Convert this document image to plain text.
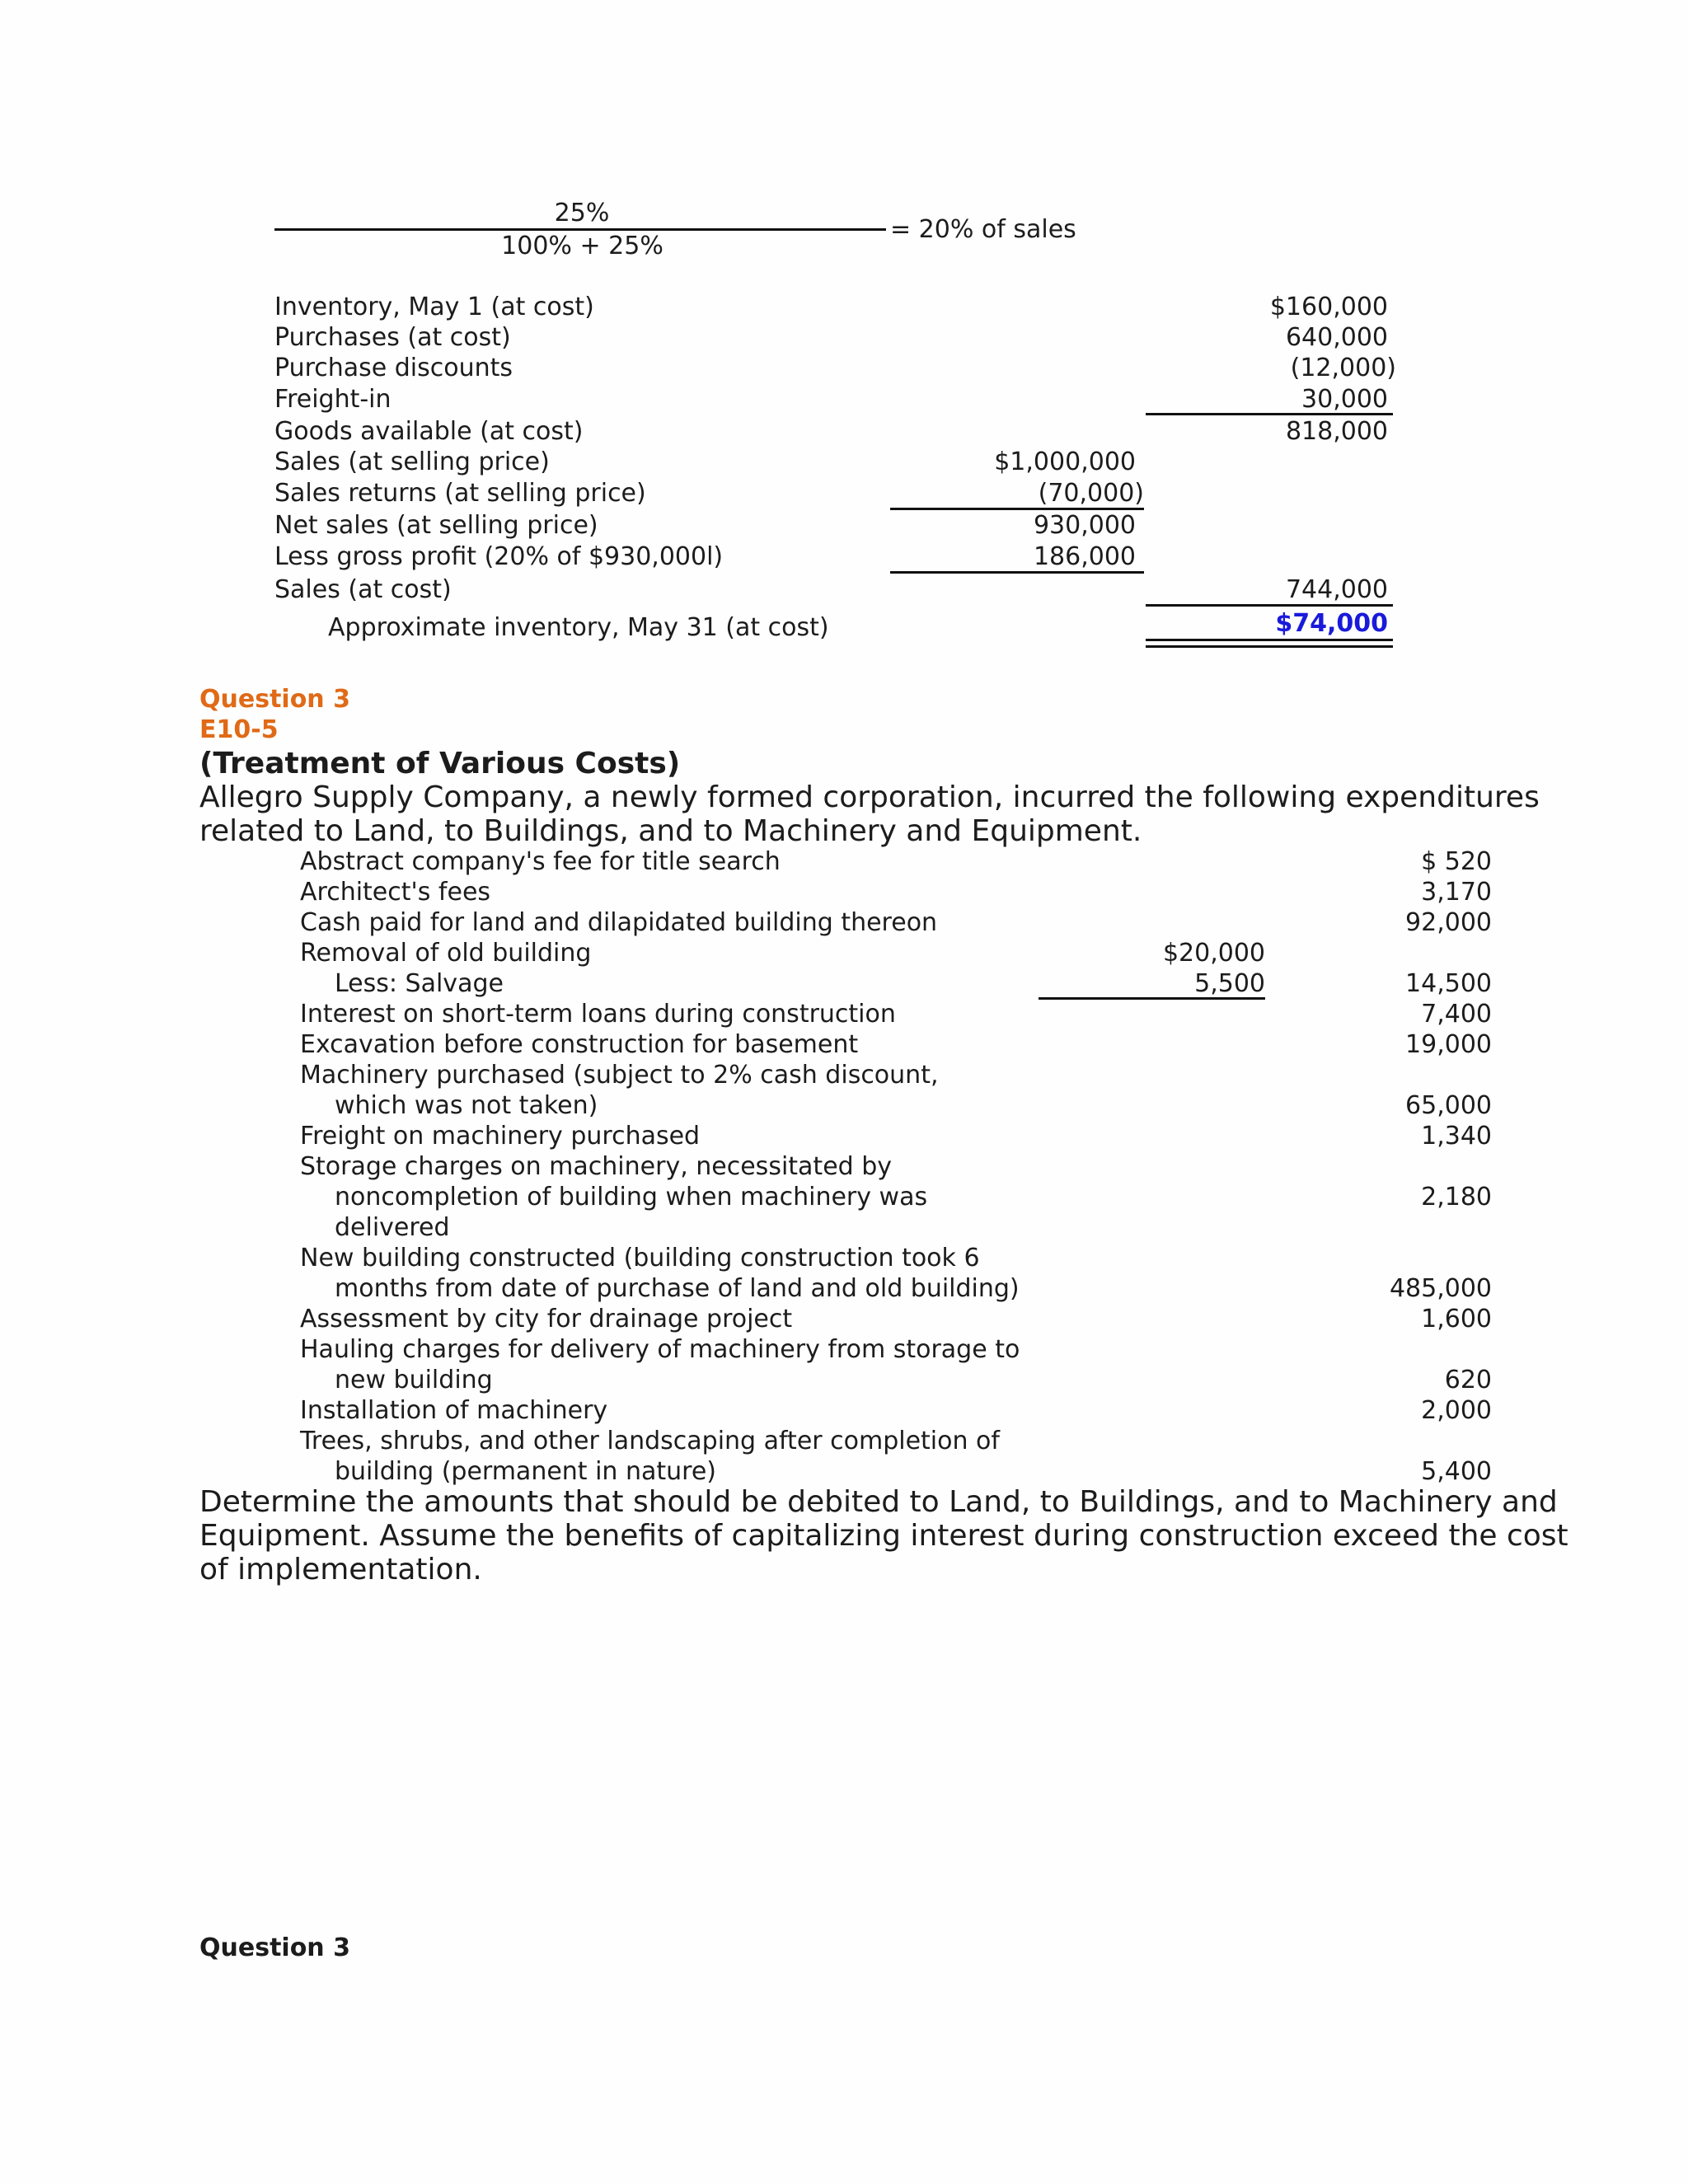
25%
100% + 25%
= 20% of sales
Inventory, May 1 (at cost)	$160,000
Purchases (at cost)	640,000
Purchase discounts	(12,000)
Freight-in	30,000
Goods available (at cost)	818,000
Sales (at selling price)	$1,000,000
Sales returns (at selling price)	(70,000)
Net sales (at selling price)	930,000
Less gross profit (20% of $930,000l)	186,000
Sales (at cost)	744,000
Approximate inventory, May 31 (at cost)	$74,000
Question 3
E10-5
(Treatment of Various Costs)
Allegro Supply Company, a newly formed corporation, incurred the following expenditures
related to Land, to Buildings, and to Machinery and Equipment.
Abstract company's fee for title search	$ 520
Architect's fees	3,170
Cash paid for land and dilapidated building thereon	92,000
Removal of old building	$20,000
Less: Salvage	5,500	14,500
Interest on short-term loans during construction	7,400
Excavation before construction for basement	19,000
Machinery purchased (subject to 2% cash discount,
which was not taken)	65,000
Freight on machinery purchased	1,340
Storage charges on machinery, necessitated by
noncompletion of building when machinery was	2,180
delivered
New building constructed (building construction took 6
months from date of purchase of land and old building)	485,000
Assessment by city for drainage project	1,600
Hauling charges for delivery of machinery from storage to
new building	620
Installation of machinery	2,000
Trees, shrubs, and other landscaping after completion of
building (permanent in nature)	5,400
Determine the amounts that should be debited to Land, to Buildings, and to Machinery and
Equipment. Assume the benefits of capitalizing interest during construction exceed the cost
of implementation.
Question 3
